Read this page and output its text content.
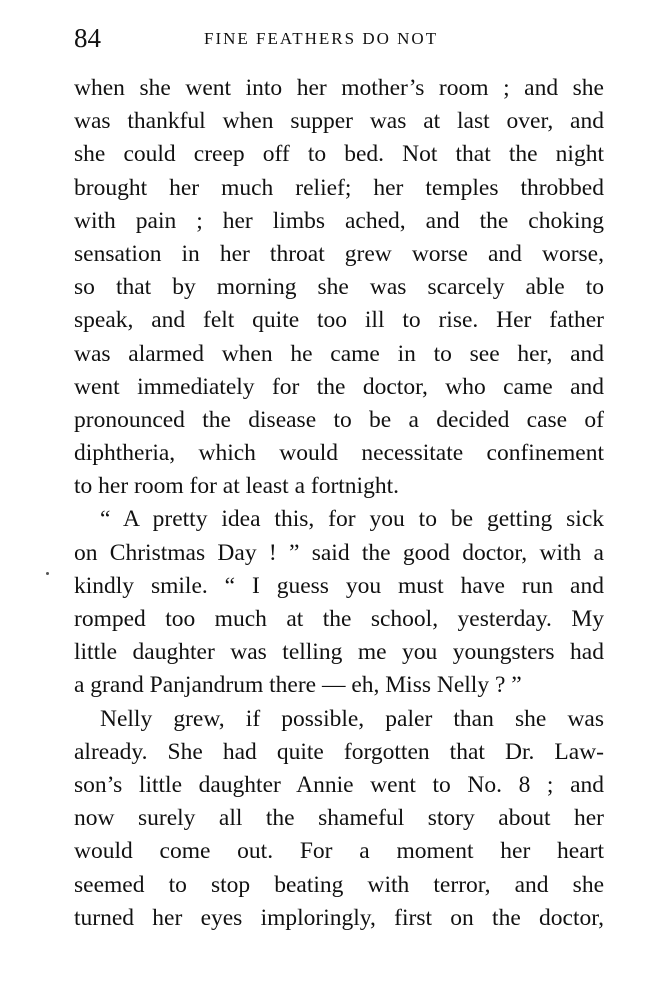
84	FINE FEATHERS DO NOT
when she went into her mother’s room ; and she
was thankful when supper was at last over, and
she could creep off to bed. Not that the night
brought her much relief; her temples throbbed
with pain ; her limbs ached, and the choking
sensation in her throat grew worse and worse,
so that by morning she was scarcely able to
speak, and felt quite too ill to rise. Her father
was alarmed when he came in to see her, and
went immediately for the doctor, who came and
pronounced the disease to be a decided case of
diphtheria, which would necessitate confinement
to her room for at least a fortnight.
“ A pretty idea this, for you to be getting sick
on Christmas Day ! ” said the good doctor, with a
kindly smile. “ I guess you must have run and
romped too much at the school, yesterday. My
little daughter was telling me you youngsters had
a grand Panjandrum there — eh, Miss Nelly ? ”
Nelly grew, if possible, paler than she was
already. She had quite forgotten that Dr. Law-
son’s little daughter Annie went to No. 8 ; and
now surely all the shameful story about her
would come out. For a moment her heart
seemed to stop beating with terror, and she
turned her eyes imploringly, first on the doctor,
